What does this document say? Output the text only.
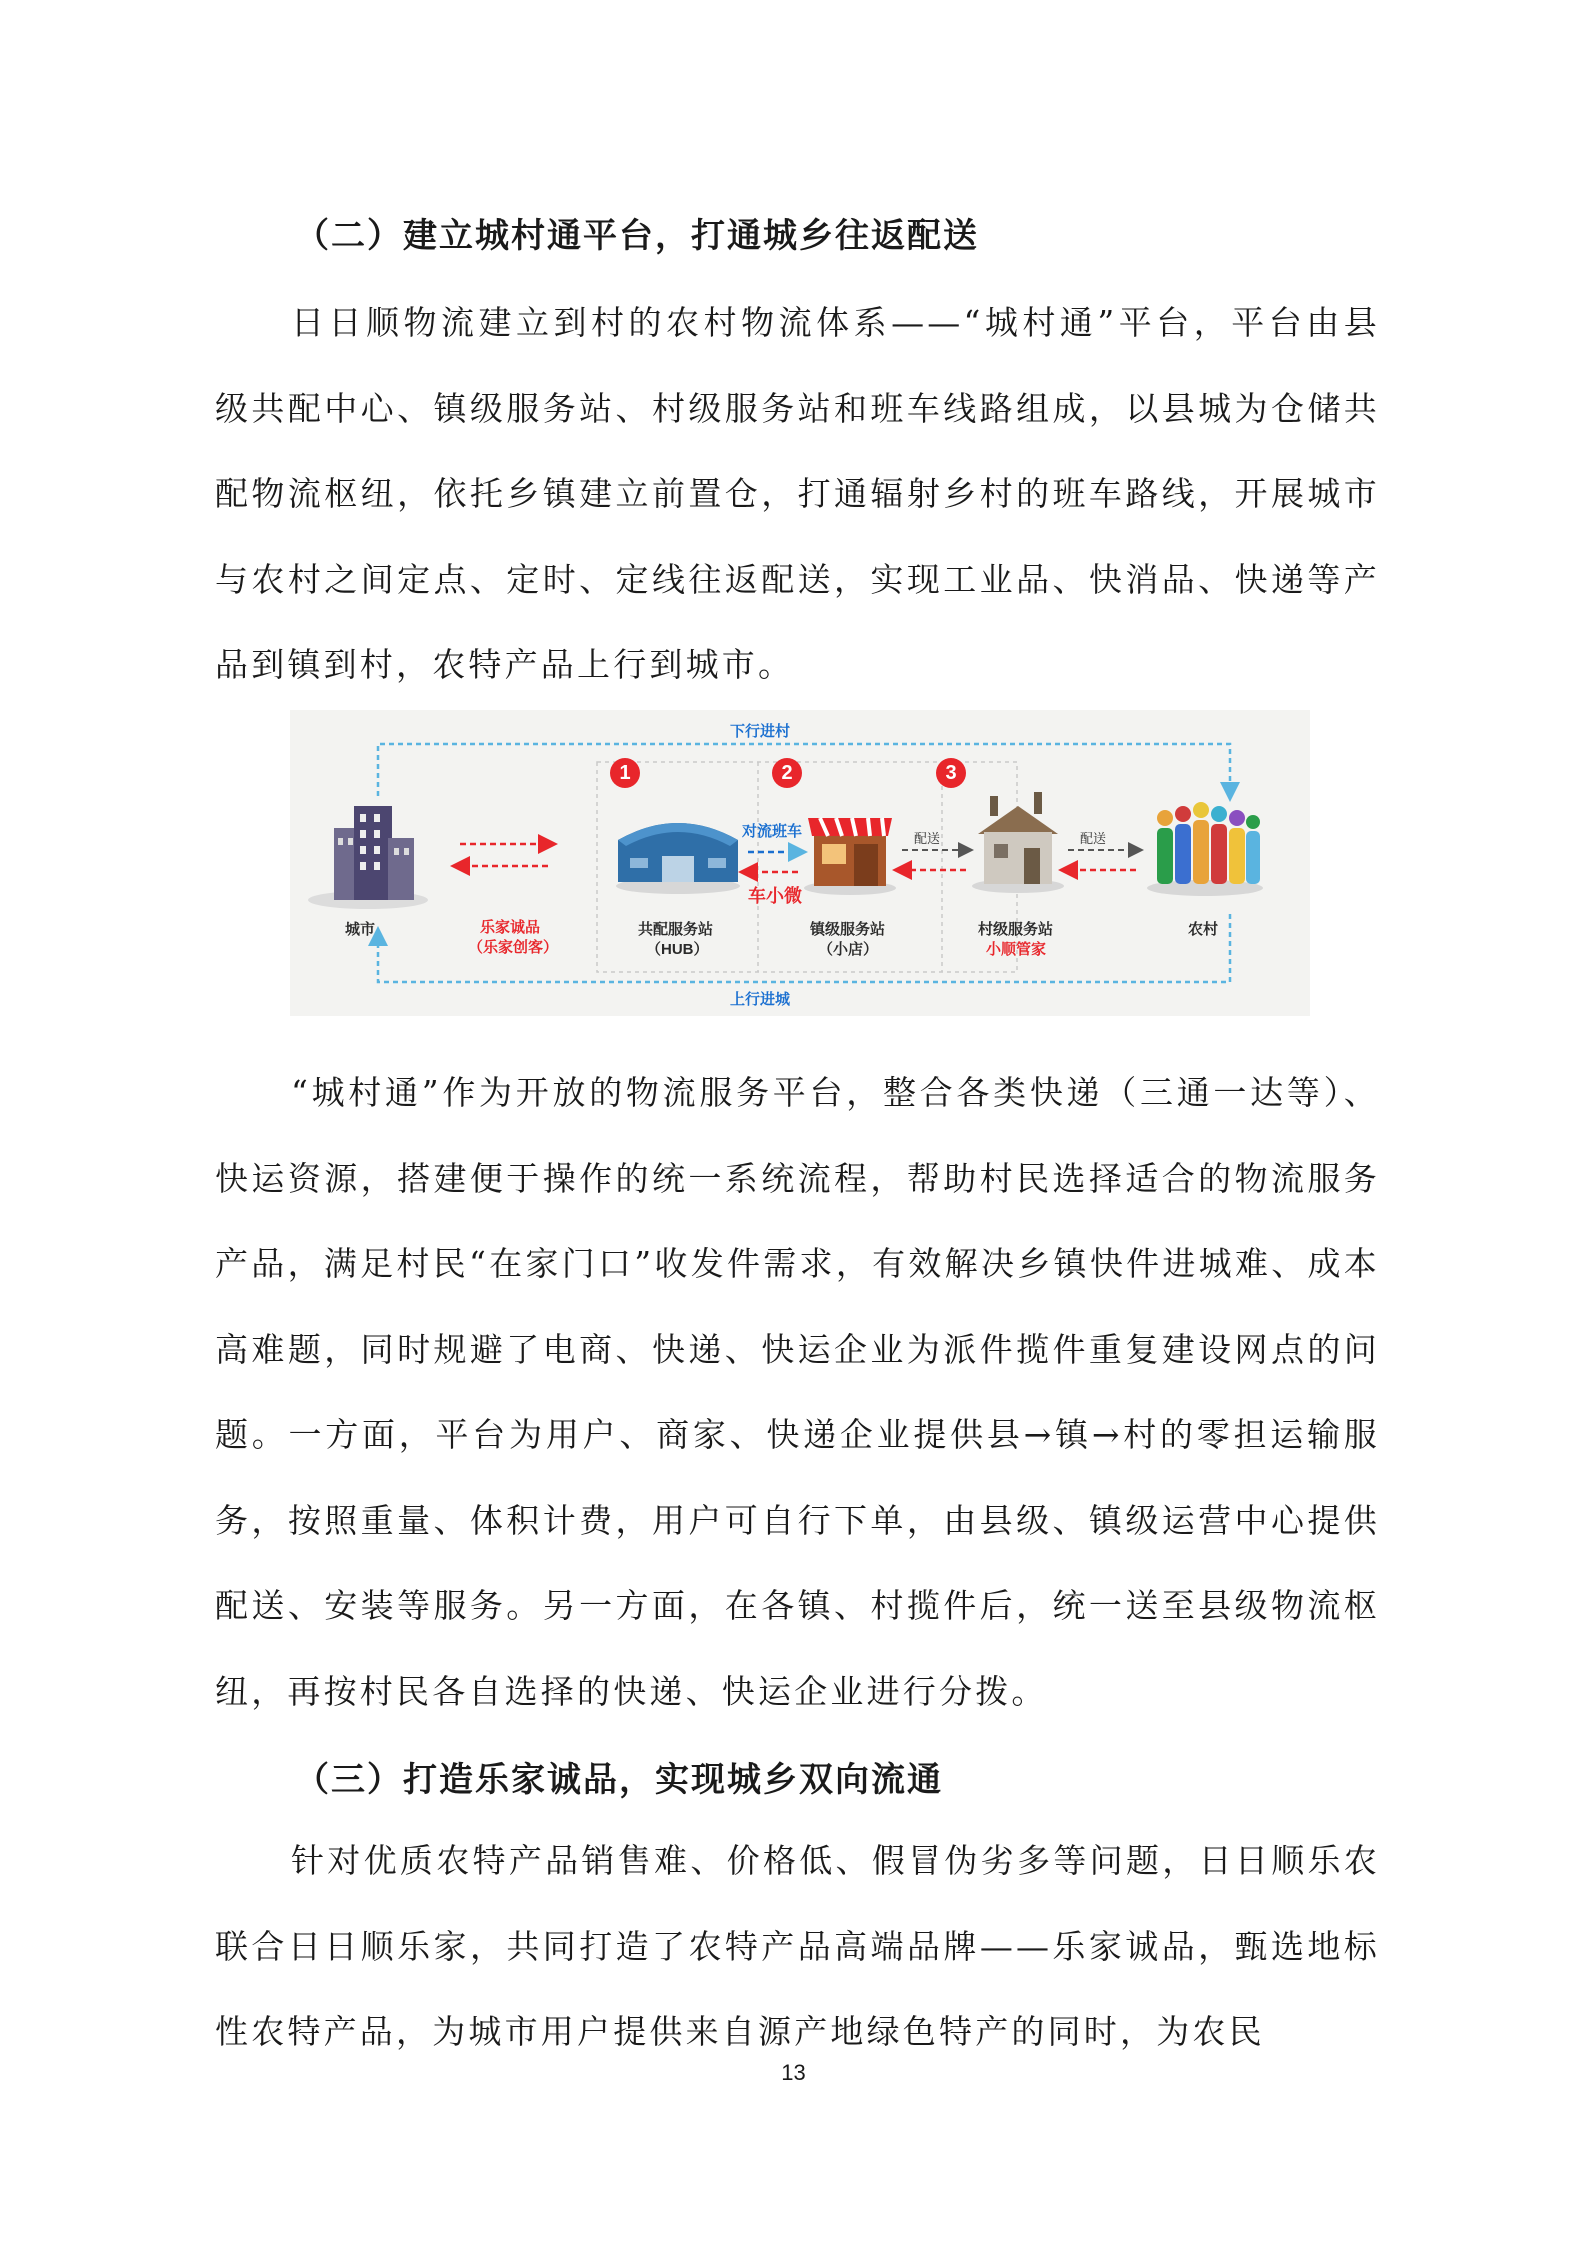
（二）建立城村通平台，打通城乡往返配送

日日顺物流建立到村的农村物流体系——“城村通”平台，平台由县级共配中心、镇级服务站、村级服务站和班车线路组成，以县城为仓储共配物流枢纽，依托乡镇建立前置仓，打通辐射乡村的班车路线，开展城市与农村之间定点、定时、定线往返配送，实现工业品、快消品、快递等产品到镇到村，农特产品上行到城市。

下行进村
上行进城
1	2	3
城市	乐家诚品
（乐家创客）
共配服务站
（HUB）
对流班车
车小微
镇级服务站
（小店）
配送	配送
村级服务站
小顺管家
农村

“城村通”作为开放的物流服务平台，整合各类快递（三通一达等）、快运资源，搭建便于操作的统一系统流程，帮助村民选择适合的物流服务产品，满足村民“在家门口”收发件需求，有效解决乡镇快件进城难、成本高难题，同时规避了电商、快递、快运企业为派件揽件重复建设网点的问题。一方面，平台为用户、商家、快递企业提供县→镇→村的零担运输服务，按照重量、体积计费，用户可自行下单，由县级、镇级运营中心提供配送、安装等服务。另一方面，在各镇、村揽件后，统一送至县级物流枢纽，再按村民各自选择的快递、快运企业进行分拨。

（三）打造乐家诚品，实现城乡双向流通

针对优质农特产品销售难、价格低、假冒伪劣多等问题，日日顺乐农联合日日顺乐家，共同打造了农特产品高端品牌——乐家诚品，甄选地标性农特产品，为城市用户提供来自源产地绿色特产的同时，为农民

13
